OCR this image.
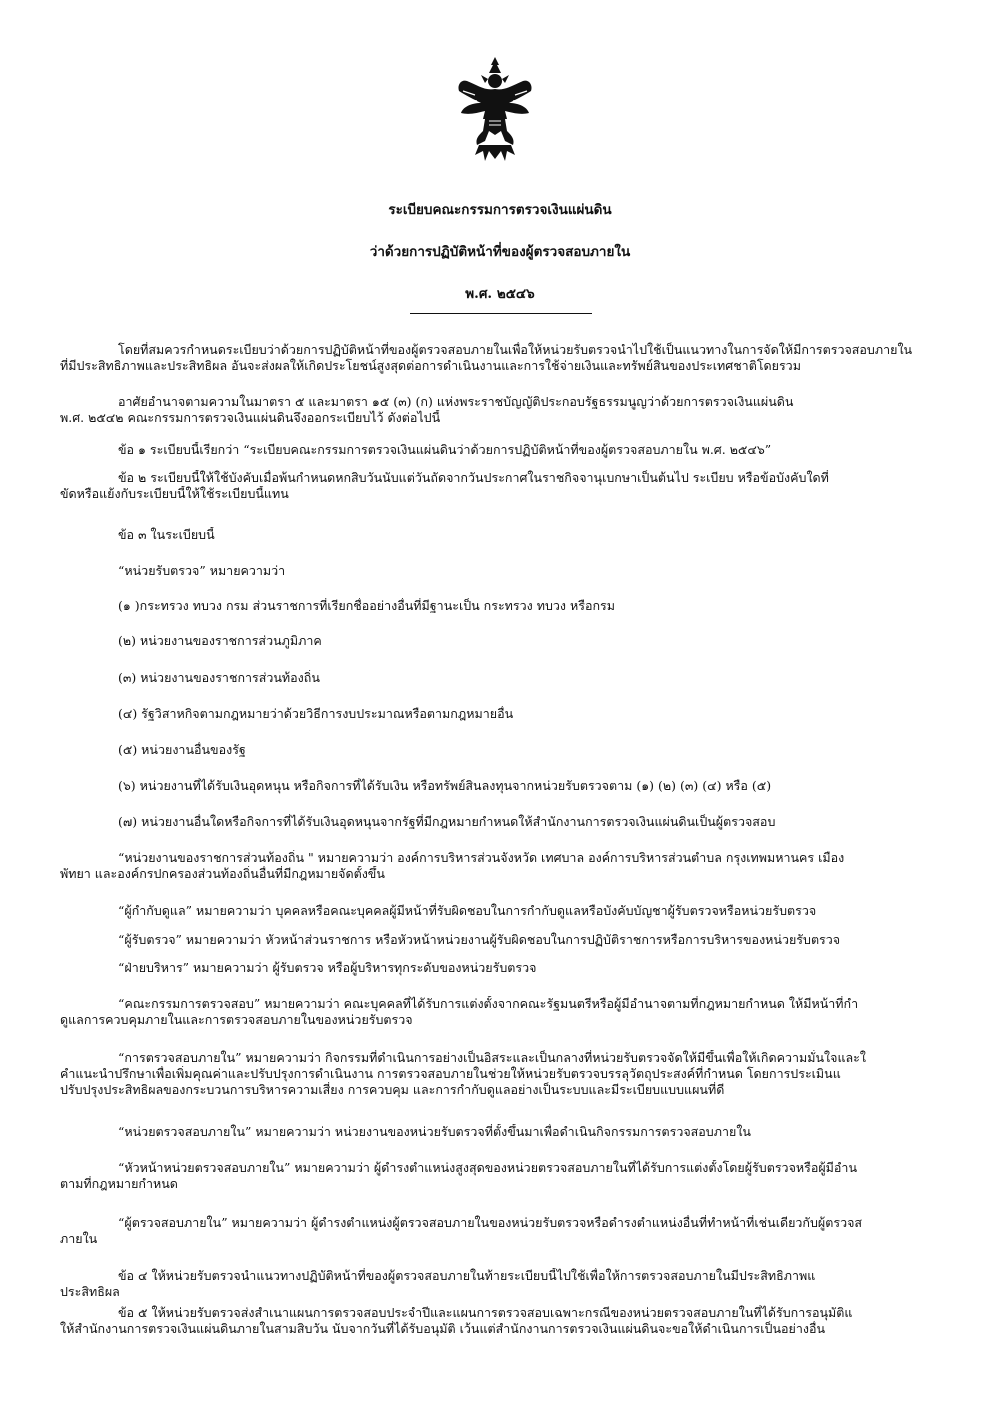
ระเบียบคณะกรรมการตรวจเงินแผ่นดิน
ว่าด้วยการปฏิบัติหน้าที่ของผู้ตรวจสอบภายใน
พ.ศ. ๒๕๔๖
โดยที่สมควรกำหนดระเบียบว่าด้วยการปฏิบัติหน้าที่ของผู้ตรวจสอบภายในเพื่อให้หน่วยรับตรวจนำไปใช้เป็นแนวทางในการจัดให้มีการตรวจสอบภายใน
ที่มีประสิทธิภาพและประสิทธิผล อันจะส่งผลให้เกิดประโยชน์สูงสุดต่อการดำเนินงานและการใช้จ่ายเงินและทรัพย์สินของประเทศชาติโดยรวม
อาศัยอำนาจตามความในมาตรา ๕ และมาตรา ๑๕ (๓) (ก) แห่งพระราชบัญญัติประกอบรัฐธรรมนูญว่าด้วยการตรวจเงินแผ่นดิน
พ.ศ. ๒๕๔๒ คณะกรรมการตรวจเงินแผ่นดินจึงออกระเบียบไว้ ดังต่อไปนี้
ข้อ ๑ ระเบียบนี้เรียกว่า “ระเบียบคณะกรรมการตรวจเงินแผ่นดินว่าด้วยการปฏิบัติหน้าที่ของผู้ตรวจสอบภายใน พ.ศ. ๒๕๔๖”
ข้อ ๒ ระเบียบนี้ให้ใช้บังคับเมื่อพ้นกำหนดหกสิบวันนับแต่วันถัดจากวันประกาศในราชกิจจานุเบกษาเป็นต้นไป ระเบียบ หรือข้อบังคับใดที่
ขัดหรือแย้งกับระเบียบนี้ให้ใช้ระเบียบนี้แทน
ข้อ ๓ ในระเบียบนี้
“หน่วยรับตรวจ” หมายความว่า
(๑ )กระทรวง ทบวง กรม ส่วนราชการที่เรียกชื่ออย่างอื่นที่มีฐานะเป็น กระทรวง ทบวง หรือกรม
(๒) หน่วยงานของราชการส่วนภูมิภาค
(๓) หน่วยงานของราชการส่วนท้องถิ่น
(๔) รัฐวิสาหกิจตามกฎหมายว่าด้วยวิธีการงบประมาณหรือตามกฎหมายอื่น
(๕) หน่วยงานอื่นของรัฐ
(๖) หน่วยงานที่ได้รับเงินอุดหนุน หรือกิจการที่ได้รับเงิน หรือทรัพย์สินลงทุนจากหน่วยรับตรวจตาม (๑) (๒) (๓) (๔) หรือ (๕)
(๗) หน่วยงานอื่นใดหรือกิจการที่ได้รับเงินอุดหนุนจากรัฐที่มีกฎหมายกำหนดให้สำนักงานการตรวจเงินแผ่นดินเป็นผู้ตรวจสอบ
“หน่วยงานของราชการส่วนท้องถิ่น " หมายความว่า องค์การบริหารส่วนจังหวัด เทศบาล องค์การบริหารส่วนตำบล กรุงเทพมหานคร เมือง
พัทยา และองค์กรปกครองส่วนท้องถิ่นอื่นที่มีกฎหมายจัดตั้งขึ้น
“ผู้กำกับดูแล” หมายความว่า บุคคลหรือคณะบุคคลผู้มีหน้าที่รับผิดชอบในการกำกับดูแลหรือบังคับบัญชาผู้รับตรวจหรือหน่วยรับตรวจ
“ผู้รับตรวจ” หมายความว่า หัวหน้าส่วนราชการ หรือหัวหน้าหน่วยงานผู้รับผิดชอบในการปฏิบัติราชการหรือการบริหารของหน่วยรับตรวจ
“ฝ่ายบริหาร” หมายความว่า ผู้รับตรวจ หรือผู้บริหารทุกระดับของหน่วยรับตรวจ
“คณะกรรมการตรวจสอบ” หมายความว่า คณะบุคคลที่ได้รับการแต่งตั้งจากคณะรัฐมนตรีหรือผู้มีอำนาจตามที่กฎหมายกำหนด ให้มีหน้าที่กำ
ดูแลการควบคุมภายในและการตรวจสอบภายในของหน่วยรับตรวจ
“การตรวจสอบภายใน” หมายความว่า กิจกรรมที่ดำเนินการอย่างเป็นอิสระและเป็นกลางที่หน่วยรับตรวจจัดให้มีขึ้นเพื่อให้เกิดความมั่นใจและใ
คำแนะนำปรึกษาเพื่อเพิ่มคุณค่าและปรับปรุงการดำเนินงาน การตรวจสอบภายในช่วยให้หน่วยรับตรวจบรรลุวัตถุประสงค์ที่กำหนด โดยการประเมินแ
ปรับปรุงประสิทธิผลของกระบวนการบริหารความเสี่ยง การควบคุม และการกำกับดูแลอย่างเป็นระบบและมีระเบียบแบบแผนที่ดี
“หน่วยตรวจสอบภายใน” หมายความว่า หน่วยงานของหน่วยรับตรวจที่ตั้งขึ้นมาเพื่อดำเนินกิจกรรมการตรวจสอบภายใน
“หัวหน้าหน่วยตรวจสอบภายใน” หมายความว่า ผู้ดำรงตำแหน่งสูงสุดของหน่วยตรวจสอบภายในที่ได้รับการแต่งตั้งโดยผู้รับตรวจหรือผู้มีอำน
ตามที่กฎหมายกำหนด
“ผู้ตรวจสอบภายใน” หมายความว่า ผู้ดำรงตำแหน่งผู้ตรวจสอบภายในของหน่วยรับตรวจหรือดำรงตำแหน่งอื่นที่ทำหน้าที่เช่นเดียวกับผู้ตรวจส
ภายใน
ข้อ ๔ ให้หน่วยรับตรวจนำแนวทางปฏิบัติหน้าที่ของผู้ตรวจสอบภายในท้ายระเบียบนี้ไปใช้เพื่อให้การตรวจสอบภายในมีประสิทธิภาพแ
ประสิทธิผล
ข้อ ๕ ให้หน่วยรับตรวจส่งสำเนาแผนการตรวจสอบประจำปีและแผนการตรวจสอบเฉพาะกรณีของหน่วยตรวจสอบภายในที่ได้รับการอนุมัติแ
ให้สำนักงานการตรวจเงินแผ่นดินภายในสามสิบวัน นับจากวันที่ได้รับอนุมัติ เว้นแต่สำนักงานการตรวจเงินแผ่นดินจะขอให้ดำเนินการเป็นอย่างอื่น
